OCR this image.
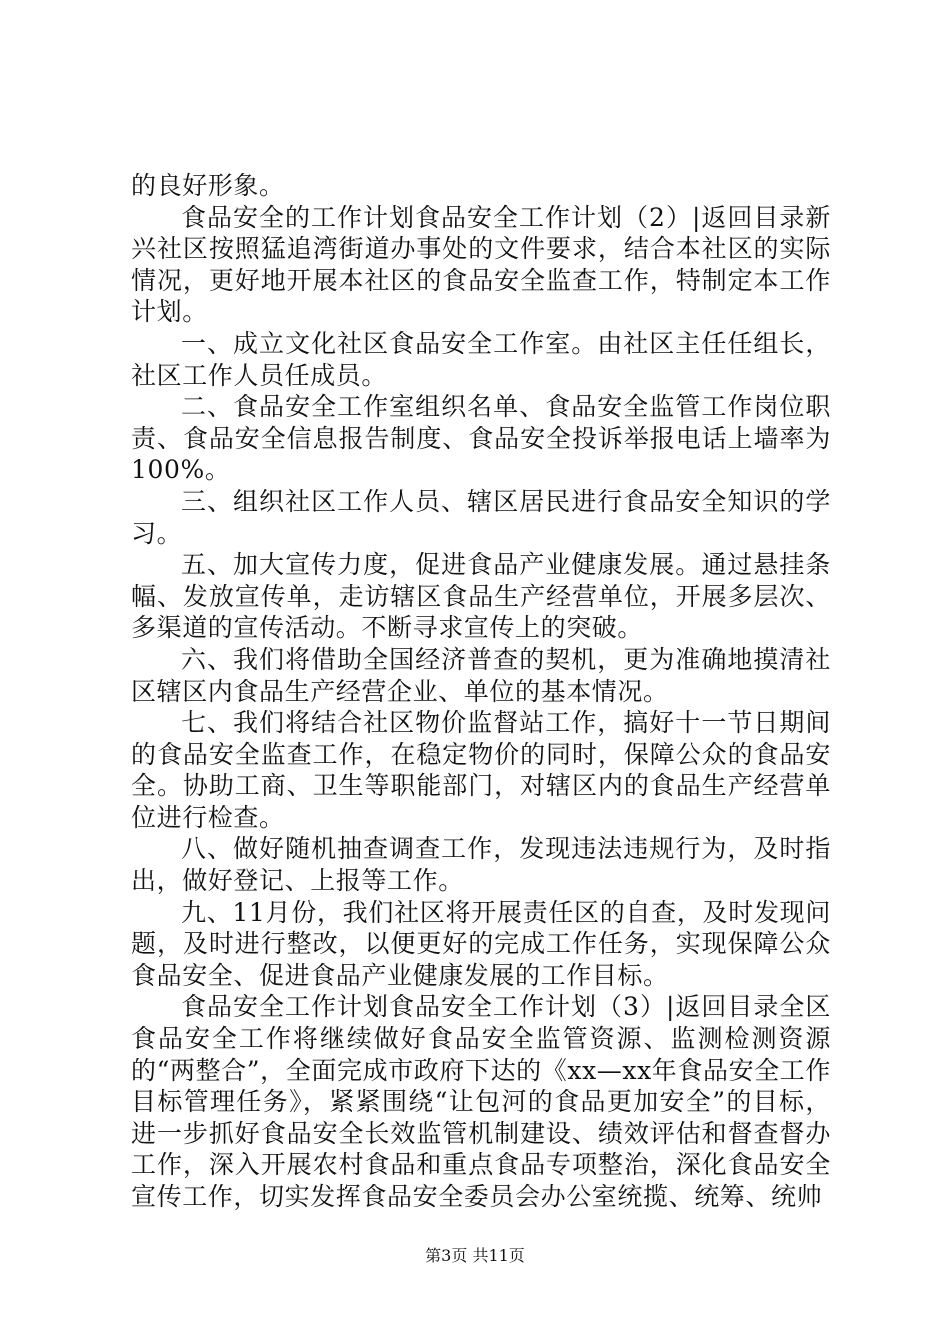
的良好形象。

食品安全的工作计划食品安全工作计划（2）|返回目录新兴社区按照猛追湾街道办事处的文件要求，结合本社区的实际情况，更好地开展本社区的食品安全监查工作，特制定本工作计划。

一、成立文化社区食品安全工作室。由社区主任任组长，社区工作人员任成员。

二、食品安全工作室组织名单、食品安全监管工作岗位职责、食品安全信息报告制度、食品安全投诉举报电话上墙率为100%。

三、组织社区工作人员、辖区居民进行食品安全知识的学习。

五、加大宣传力度，促进食品产业健康发展。通过悬挂条幅、发放宣传单，走访辖区食品生产经营单位，开展多层次、多渠道的宣传活动。不断寻求宣传上的突破。

六、我们将借助全国经济普查的契机，更为准确地摸清社区辖区内食品生产经营企业、单位的基本情况。

七、我们将结合社区物价监督站工作，搞好十一节日期间的食品安全监查工作，在稳定物价的同时，保障公众的食品安全。协助工商、卫生等职能部门，对辖区内的食品生产经营单位进行检查。

八、做好随机抽查调查工作，发现违法违规行为，及时指出，做好登记、上报等工作。

九、11月份，我们社区将开展责任区的自查，及时发现问题，及时进行整改，以便更好的完成工作任务，实现保障公众食品安全、促进食品产业健康发展的工作目标。

食品安全工作计划食品安全工作计划（3）|返回目录全区食品安全工作将继续做好食品安全监管资源、监测检测资源的“两整合”，全面完成市政府下达的《xx—xx年食品安全工作目标管理任务》，紧紧围绕“让包河的食品更加安全”的目标，进一步抓好食品安全长效监管机制建设、绩效评估和督查督办工作，深入开展农村食品和重点食品专项整治，深化食品安全宣传工作，切实发挥食品安全委员会办公室统揽、统筹、统帅

第3页 共11页
